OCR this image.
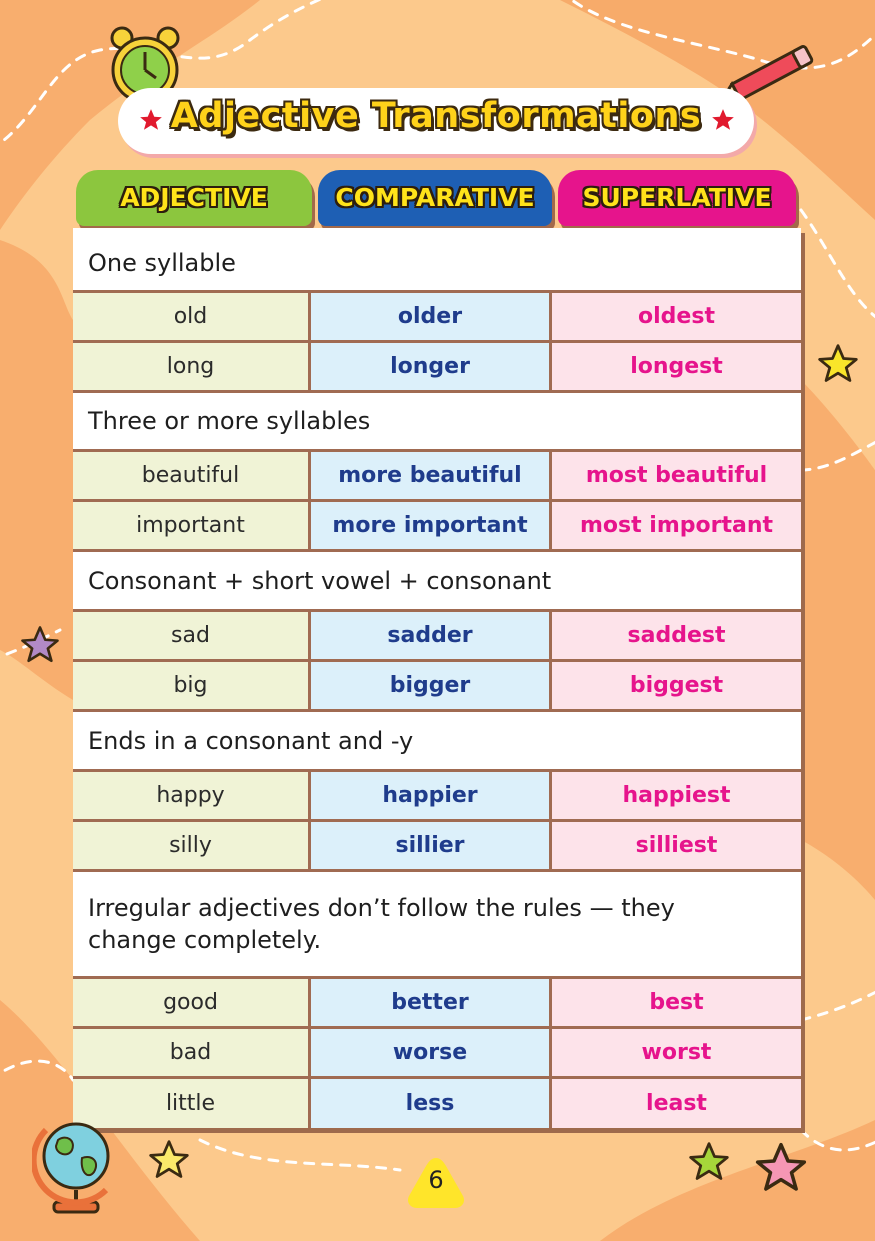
Adjective Transformations
ADJECTIVE	COMPARATIVE	SUPERLATIVE
One syllable
old	older	oldest
long	longer	longest
Three or more syllables
beautiful	more beautiful	most beautiful
important	more important	most important
Consonant + short vowel + consonant
sad	sadder	saddest
big	bigger	biggest
Ends in a consonant and -y
happy	happier	happiest
silly	sillier	silliest
Irregular adjectives don’t follow the rules — they change completely.
good	better	best
bad	worse	worst
little	less	least
6
